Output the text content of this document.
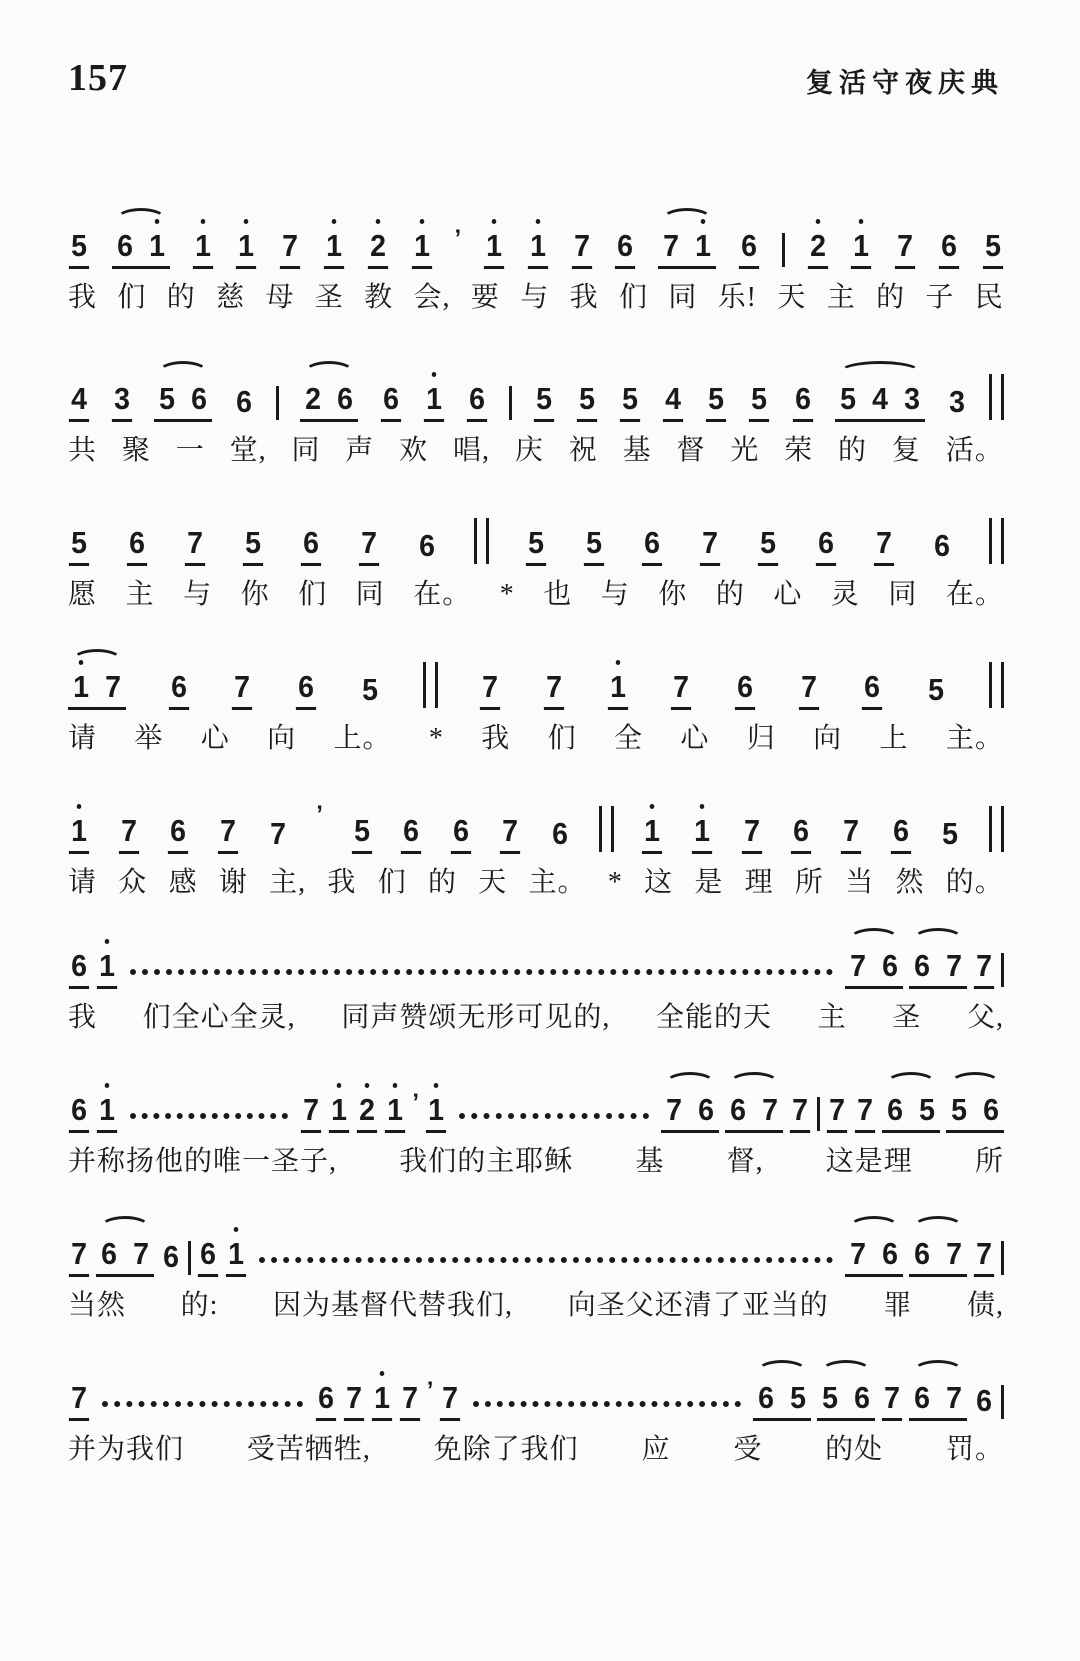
157	复活守夜庆典
5 6 1 1 1 7 1 2 1 ’ 1 1 7 6 7 1 6 2 1 7 6 5
我 们 的 慈 母 圣 教 会, 要 与 我 们 同 乐! 天 主 的 子 民
4 3 5 6 6 2 6 6 1 6 5 5 5 4 5 5 6 5 4 3 3
共 聚 一 堂, 同 声 欢 唱, 庆 祝 基 督 光 荣 的 复 活。
5 6 7 5 6 7 6	5 5 6 7 5 6 7 6
愿 主 与 你 们 同 在。 * 也 与 你 的 心 灵 同 在。
1 7 6 7 6 5	7 7 1 7 6 7 6 5
请 举 心 向 上。 * 我 们 全 心 归 向 上 主。
1 7 6 7 7
’ 5 6 6 7 6 1 1 7 6 7 6 5
请 众 感 谢 主, 我 们 的 天 主。 * 这 是 理 所 当 然 的。
6 1	7 6 6 7 7
我 们全心全灵, 同声赞颂无形可见的, 全能的天 主 圣 父,
6 1	7 1 2 1 ’ 1	7 6 6 7 7 7 7 6 5 5 6
并称扬他的唯一圣子, 我们的主耶稣 基 督, 这是理 所
7 6 7 6 6 1	7 6 6 7 7
当然 的: 因为基督代替我们, 向圣父还清了亚当的 罪 债,
7	6 7 1 7 ’ 7	6 5 5 6 7 6 7 6
并为我们 受苦牺牲, 免除了我们 应 受 的处 罚。
